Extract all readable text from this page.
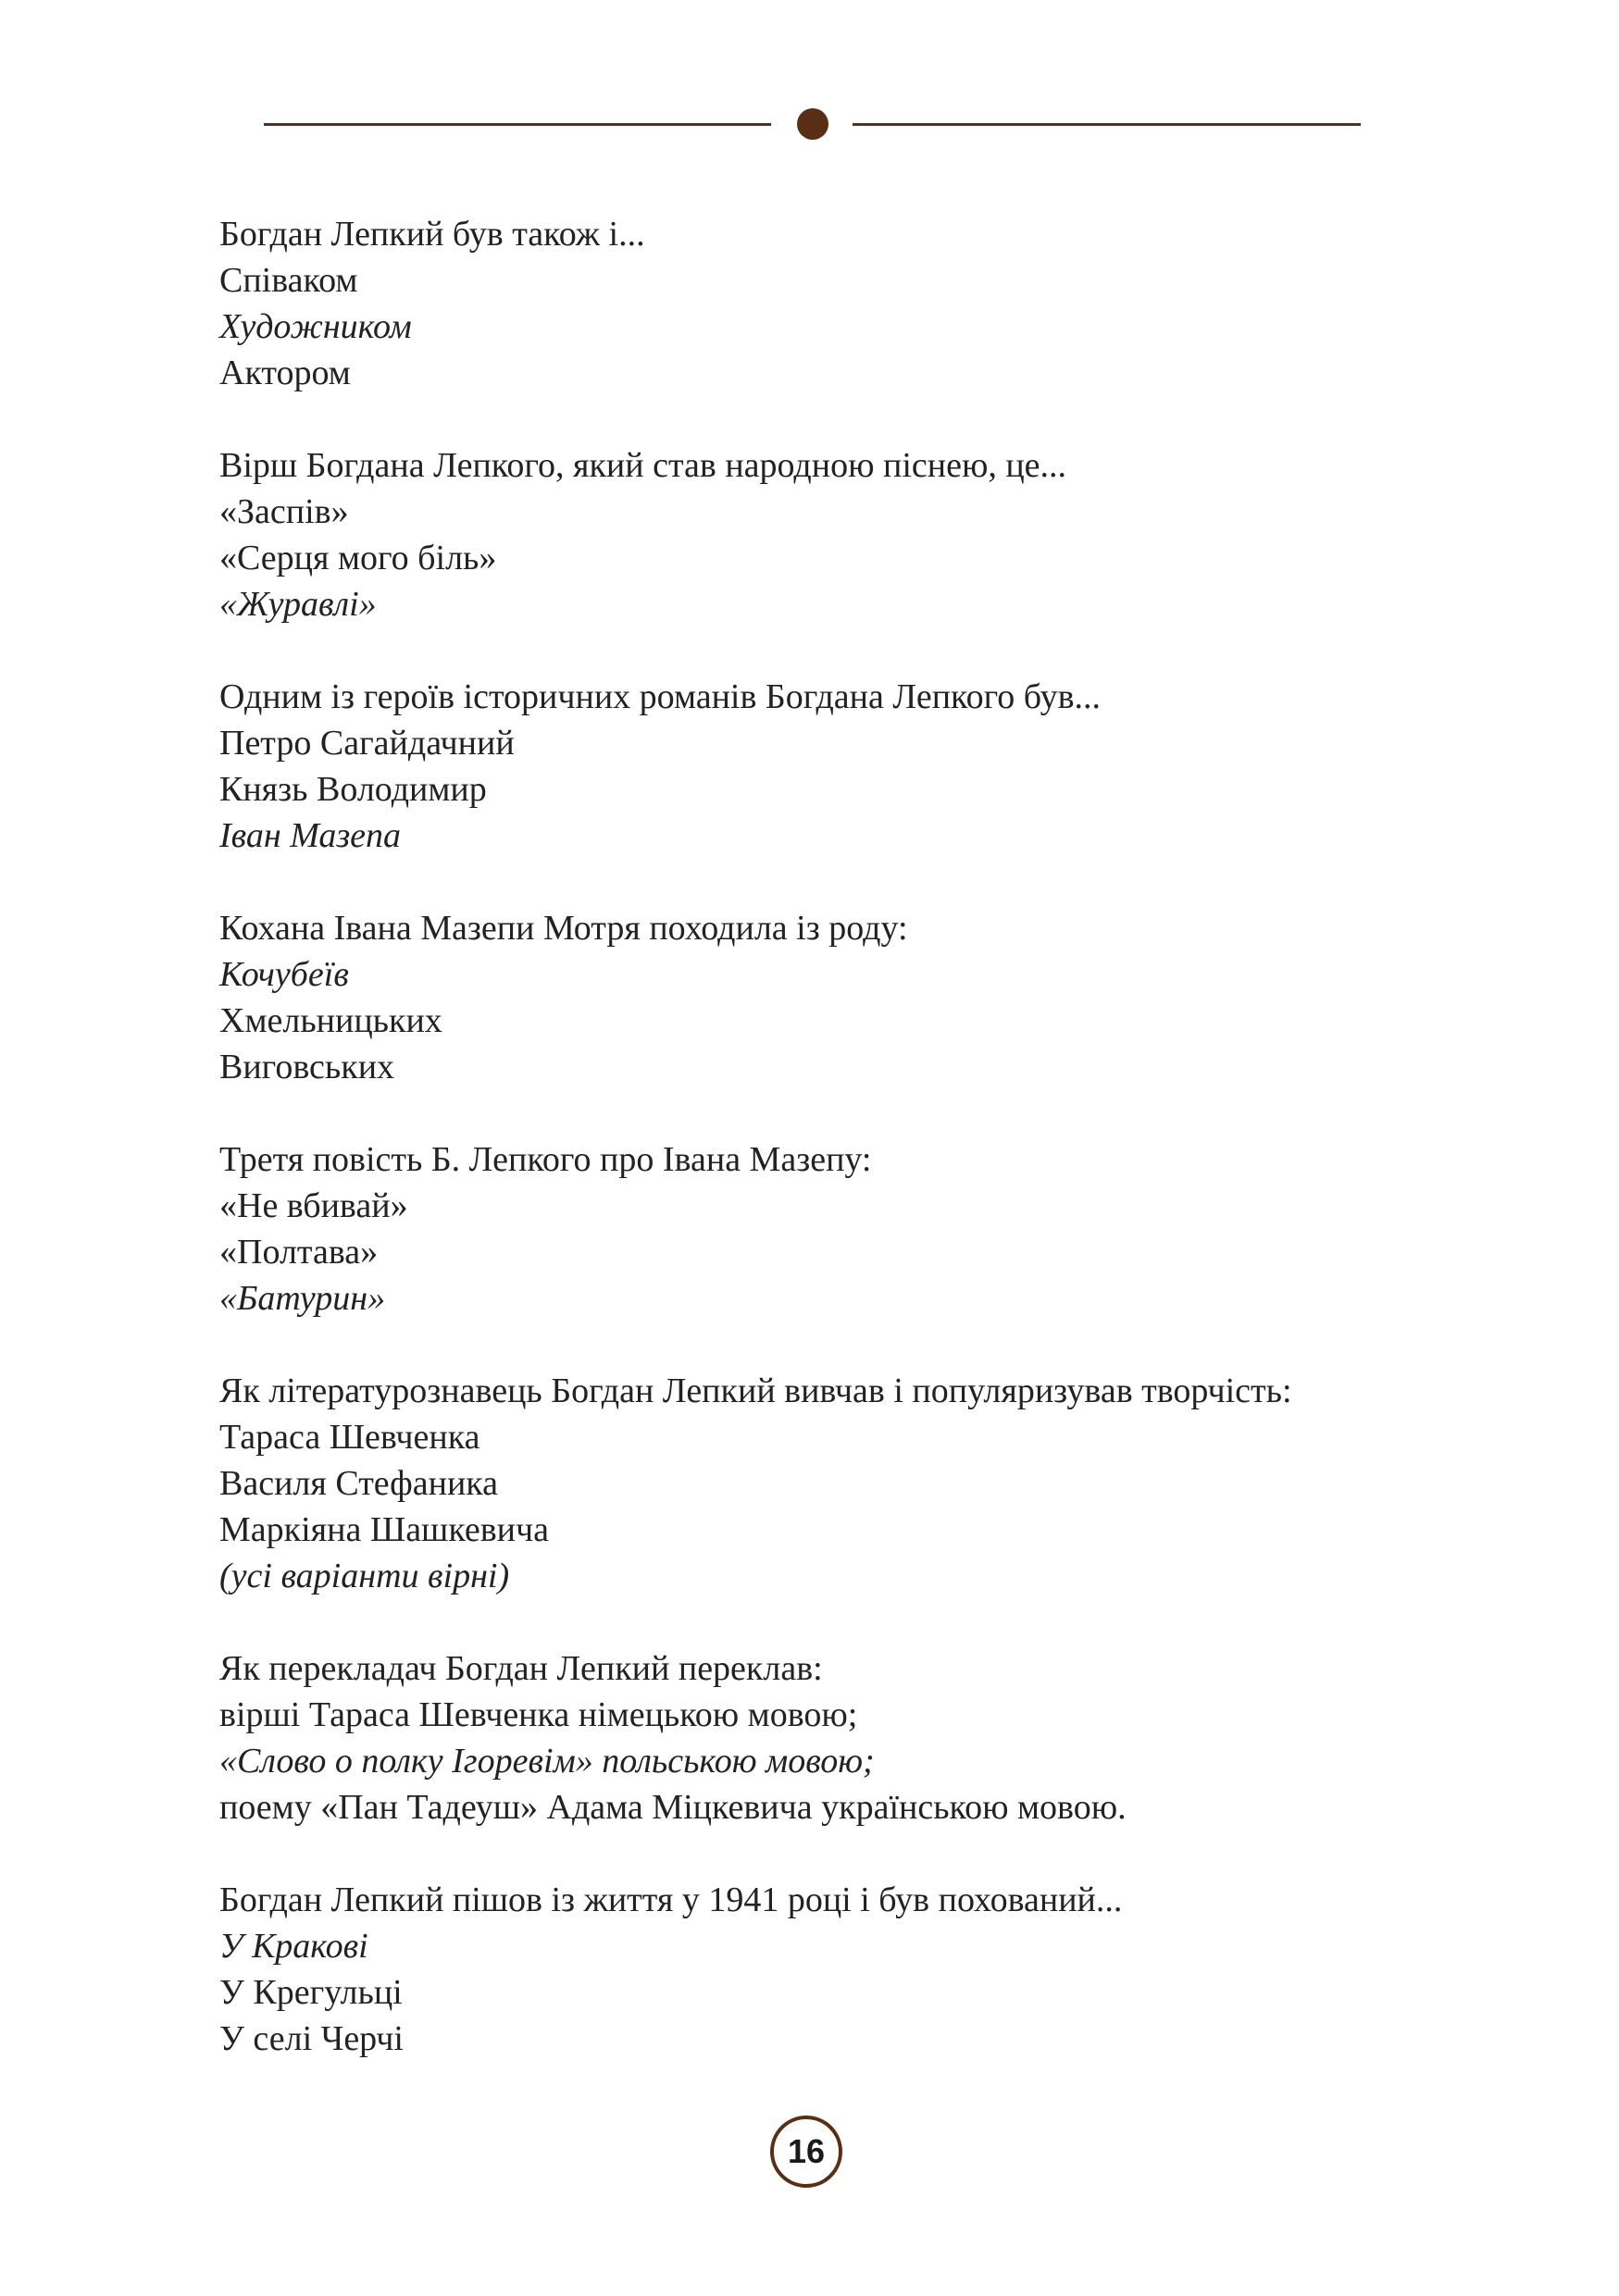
Богдан Лепкий був також і...
Співаком
Художником
Актором
Вірш Богдана Лепкого, який став народною піснею, це...
«Заспів»
«Серця мого біль»
«Журавлі»
Одним із героїв історичних романів Богдана Лепкого був...
Петро Сагайдачний
Князь Володимир
Іван Мазепа
Кохана Івана Мазепи Мотря походила із роду:
Кочубеїв
Хмельницьких
Виговських
Третя повість Б. Лепкого про Івана Мазепу:
«Не вбивай»
«Полтава»
«Батурин»
Як літературознавець Богдан Лепкий вивчав і популяризував творчість:
Тараса Шевченка
Василя Стефаника
Маркіяна Шашкевича
(усі варіанти вірні)
Як перекладач Богдан Лепкий переклав:
вірші Тараса Шевченка німецькою мовою;
«Слово о полку Ігоревім» польською мовою;
поему «Пан Тадеуш» Адама Міцкевича українською мовою.
Богдан Лепкий пішов із життя у 1941 році і був похований...
У Кракові
У Крегульці
У селі Черчі
16
